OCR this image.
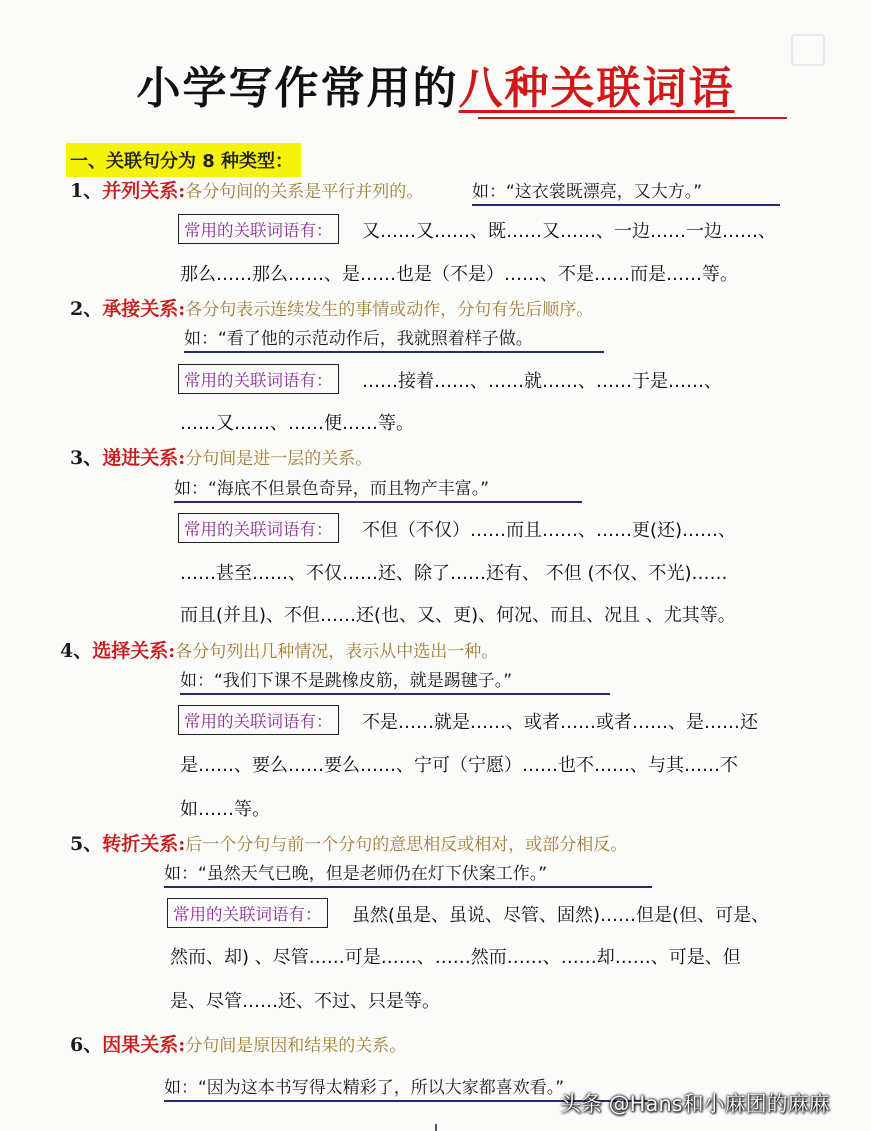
小学写作常用的八种关联词语
一、关联句分为 8 种类型：
1、并列关系:各分句间的关系是平行并列的。	如：“这衣裳既漂亮，又大方。”
常用的关联词语有：	又……又……、既……又……、一边……一边……、
那么……那么……、是……也是（不是）……、不是……而是……等。
2、承接关系:各分句表示连续发生的事情或动作，分句有先后顺序。
如：“看了他的示范动作后，我就照着样子做。
常用的关联词语有：	……接着……、……就……、……于是……、
……又……、……便……等。
3、递进关系:分句间是进一层的关系。
如：“海底不但景色奇异，而且物产丰富。”
常用的关联词语有：	不但（不仅）……而且……、……更(还)……、
……甚至……、不仅……还、除了……还有、 不但 (不仅、不光)……
而且(并且)、不但……还(也、又、更)、何况、而且、况且 、尤其等。
4、选择关系:各分句列出几种情况，表示从中选出一种。
如：“我们下课不是跳橡皮筋，就是踢毽子。”
常用的关联词语有：	不是……就是……、或者……或者……、是……还
是……、要么……要么……、宁可（宁愿）……也不……、与其……不
如……等。
5、转折关系:后一个分句与前一个分句的意思相反或相对，或部分相反。
如：“虽然天气已晚，但是老师仍在灯下伏案工作。”
常用的关联词语有：	虽然(虽是、虽说、尽管、固然)……但是(但、可是、
然而、却) 、尽管……可是……、……然而……、……却……、可是、但
是、尽管……还、不过、只是等。
6、因果关系:分句间是原因和结果的关系。
如：“因为这本书写得太精彩了，所以大家都喜欢看。”
头条 @Hans和小麻团的麻麻
